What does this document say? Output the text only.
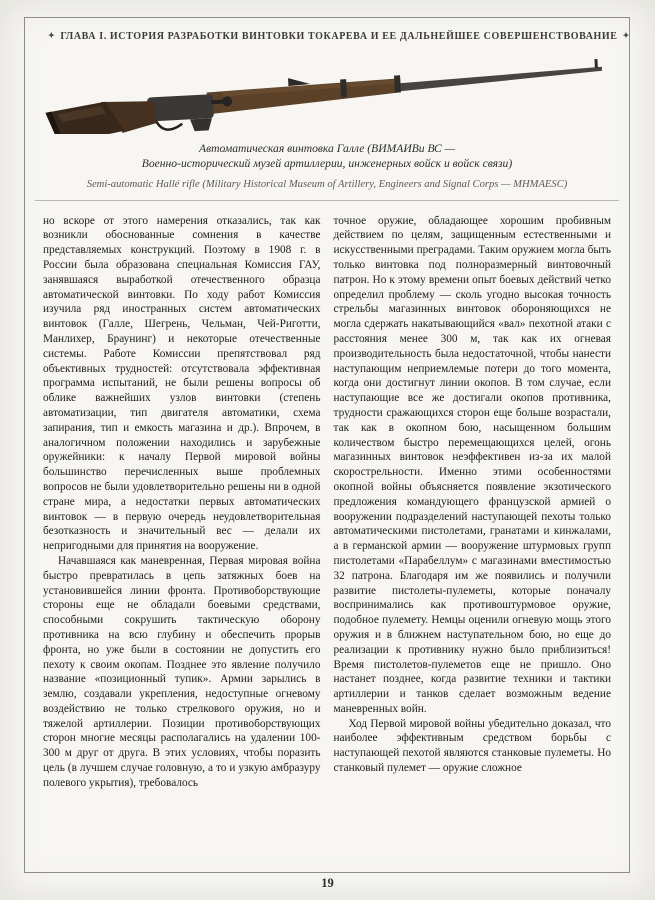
✦ ГЛАВА I. ИСТОРИЯ РАЗРАБОТКИ ВИНТОВКИ ТОКАРЕВА И ЕЕ ДАЛЬНЕЙШЕЕ СОВЕРШЕНСТВОВАНИЕ ✦
Автоматическая винтовка Галле (ВИМАИВи ВС —
Военно-исторический музей артиллерии, инженерных войск и войск связи)
Semi-automatic Hallé rifle (Military Historical Museum of Artillery, Engineers and Signal Corps — MHMAESC)

но вскоре от этого намерения отказались, так как возникли обоснованные сомнения в качестве представляемых конструкций. Поэтому в 1908 г. в России была образована специальная Комиссия ГАУ, занявшаяся выработкой отечественного образца автоматической винтовки. По ходу работ Комиссия изучила ряд иностранных систем автоматических винтовок (Галле, Шегрень, Чельман, Чей-Риготти, Манлихер, Браунинг) и некоторые отечественные системы. Работе Комиссии препятствовал ряд объективных трудностей: отсутствовала эффективная программа испытаний, не были решены вопросы об облике важнейших узлов винтовки (степень автоматизации, тип двигателя автоматики, схема запирания, тип и емкость магазина и др.). Впрочем, в аналогичном положении находились и зарубежные оружейники: к началу Первой мировой войны большинство перечисленных выше проблемных вопросов не были удовлетворительно решены ни в одной стране мира, а недостатки первых автоматических винтовок — в первую очередь неудовлетворительная безотказность и значительный вес — делали их непригодными для принятия на вооружение.

Начавшаяся как маневренная, Первая мировая война быстро превратилась в цепь затяжных боев на установившейся линии фронта. Противоборствующие стороны еще не обладали боевыми средствами, способными сокрушить тактическую оборону противника на всю глубину и обеспечить прорыв фронта, но уже были в состоянии не допустить его пехоту к своим окопам. Позднее это явление получило название «позиционный тупик». Армии зарылись в землю, создавали укрепления, недоступные огневому воздействию не только стрелкового оружия, но и тяжелой артиллерии. Позиции противоборствующих сторон многие месяцы располагались на удалении 100-300 м друг от друга. В этих условиях, чтобы поразить цель (в лучшем случае головную, а то и узкую амбразуру полевого укрытия), требовалось

точное оружие, обладающее хорошим пробивным действием по целям, защищенным естественными и искусственными преградами. Таким оружием могла быть только винтовка под полноразмерный винтовочный патрон. Но к этому времени опыт боевых действий четко определил проблему — сколь угодно высокая точность стрельбы магазинных винтовок обороняющихся не могла сдержать накатывающийся «вал» пехотной атаки с расстояния менее 300 м, так как их огневая производительность была недостаточной, чтобы нанести наступающим неприемлемые потери до того момента, когда они достигнут линии окопов. В том случае, если наступающие все же достигали окопов противника, трудности сражающихся сторон еще больше возрастали, так как в окопном бою, насыщенном большим количеством быстро перемещающихся целей, огонь магазинных винтовок неэффективен из-за их малой скорострельности. Именно этими особенностями окопной войны объясняется появление экзотического предложения командующего французской армией о вооружении подразделений наступающей пехоты только автоматическими пистолетами, гранатами и кинжалами, а в германской армии — вооружение штурмовых групп пистолетами «Парабеллум» с магазинами вместимостью 32 патрона. Благодаря им же появились и получили развитие пистолеты-пулеметы, которые поначалу воспринимались как противоштурмовое оружие, подобное пулемету. Немцы оценили огневую мощь этого оружия и в ближнем наступательном бою, но еще до реализации к противнику нужно было приблизиться! Время пистолетов-пулеметов еще не пришло. Оно настанет позднее, когда развитие техники и тактики артиллерии и танков сделает возможным ведение маневренных войн.

Ход Первой мировой войны убедительно доказал, что наиболее эффективным средством борьбы с наступающей пехотой являются станковые пулеметы. Но станковый пулемет — оружие сложное

19
